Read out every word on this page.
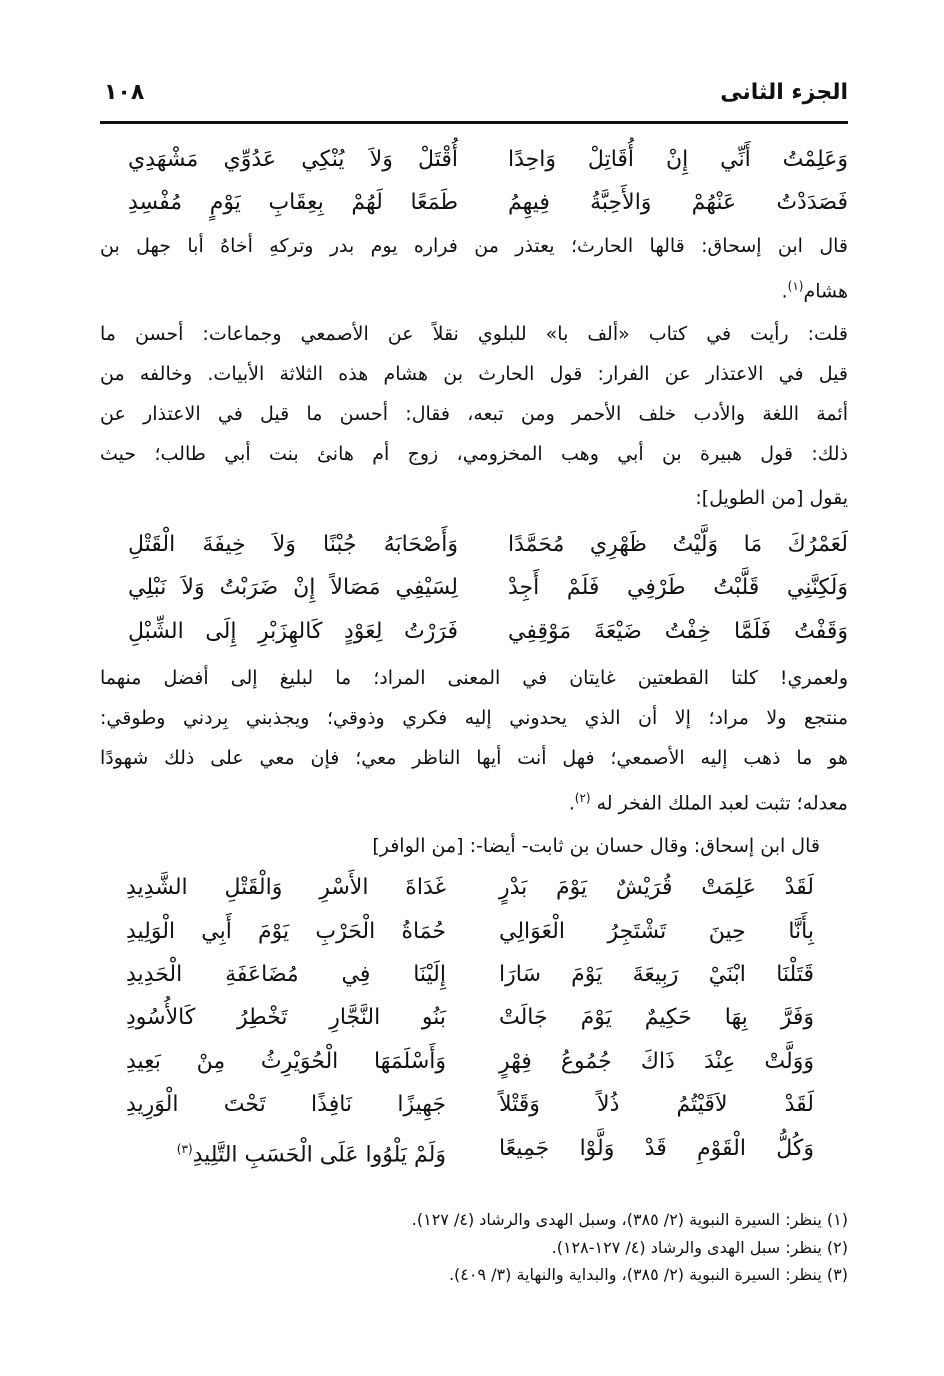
١٠٨	الجزء الثانى
وَعَلِمْتُ أَنِّي إِنْ أُقَاتِلْ وَاحِدًا
أُقْتَلْ وَلاَ يُنْكِي عَدُوِّي مَشْهَدِي
فَصَدَدْتُ عَنْهُمْ وَالأَحِبَّةُ فِيهِمُ
طَمَعًا لَهُمْ بِعِقَابِ يَوْمٍ مُفْسِدِ
قال ابن إسحاق: قالها الحارث؛ يعتذر من فراره يوم بدر وتركهِ أخاهُ أبا جهل بن
هشام$^{(١)}$.
قلت: رأيت في كتاب «ألف با» للبلوي نقلاً عن الأصمعي وجماعات: أحسن ما
قيل في الاعتذار عن الفرار: قول الحارث بن هشام هذه الثلاثة الأبيات. وخالفه من
أئمة اللغة والأدب خلف الأحمر ومن تبعه، فقال: أحسن ما قيل في الاعتذار عن
ذلك: قول هبيرة بن أبي وهب المخزومي، زوج أم هانئ بنت أبي طالب؛ حيث
يقول [من الطويل]:
لَعَمْرُكَ مَا وَلَّيْتُ ظَهْرِي مُحَمَّدًا
وَأَصْحَابَهُ جُبْنًا وَلاَ خِيفَةَ الْقَتْلِ
وَلَكِنَّنِي قَلَّبْتُ طَرْفِي فَلَمْ أَجِدْ
لِسَيْفِي مَصَالاً إِنْ ضَرَبْتُ وَلاَ نَبْلِي
وَقَفْتُ فَلَمَّا خِفْتُ ضَيْعَةَ مَوْقِفِي
فَرَرْتُ لِعَوْدٍ كَالهِزَبْرِ إِلَى الشِّبْلِ
ولعمري! كلتا القطعتين غايتان في المعنى المراد؛ ما لبليغ إلى أفضل منهما
منتجع ولا مراد؛ إلا أن الذي يحدوني إليه فكري وذوقي؛ ويجذبني بِردني وطوقي:
هو ما ذهب إليه الأصمعي؛ فهل أنت أيها الناظر معي؛ فإن معي على ذلك شهودًا
معدله؛ تثبت لعبد الملك الفخر له $^{(٢)}$.
قال ابن إسحاق: وقال حسان بن ثابت- أيضا-: [من الوافر]
لَقَدْ عَلِمَتْ قُرَيْشٌ يَوْمَ بَدْرٍ
غَدَاةَ الأَسْرِ وَالْقَتْلِ الشَّدِيدِ
بِأَنَّا حِينَ تَشْتَجِرُ الْعَوَالِي
حُمَاةُ الْحَرْبِ يَوْمَ أَبِي الْوَلِيدِ
قَتَلْنَا ابْنَيْ رَبِيعَةَ يَوْمَ سَارَا
إِلَيْنَا فِي مُضَاعَفَةِ الْحَدِيدِ
وَفَرَّ بِهَا حَكِيمٌ يَوْمَ جَالَتْ
بَنُو النَّجَّارِ تَخْطِرُ كَالأُسُودِ
وَوَلَّتْ عِنْدَ ذَاكَ جُمُوعُ فِهْرٍ
وَأَسْلَمَهَا الْحُوَيْرِثُ مِنْ بَعِيدِ
لَقَدْ لاَقَيْتُمُ ذُلاً وَقَتْلاً
جَهِيزًا نَافِذًا تَحْتَ الْوَرِيدِ
وَكُلُّ الْقَوْمِ قَدْ وَلَّوْا جَمِيعًا
وَلَمْ يَلْوُوا عَلَى الْحَسَبِ التَّلِيدِ$^{(٣)}$
(١) ينظر: السيرة النبوية (٢/ ٣٨٥)، وسبل الهدى والرشاد (٤/ ١٢٧).
(٢) ينظر: سبل الهدى والرشاد (٤/ ١٢٧-١٢٨).
(٣) ينظر: السيرة النبوية (٢/ ٣٨٥)، والبداية والنهاية (٣/ ٤٠٩).
